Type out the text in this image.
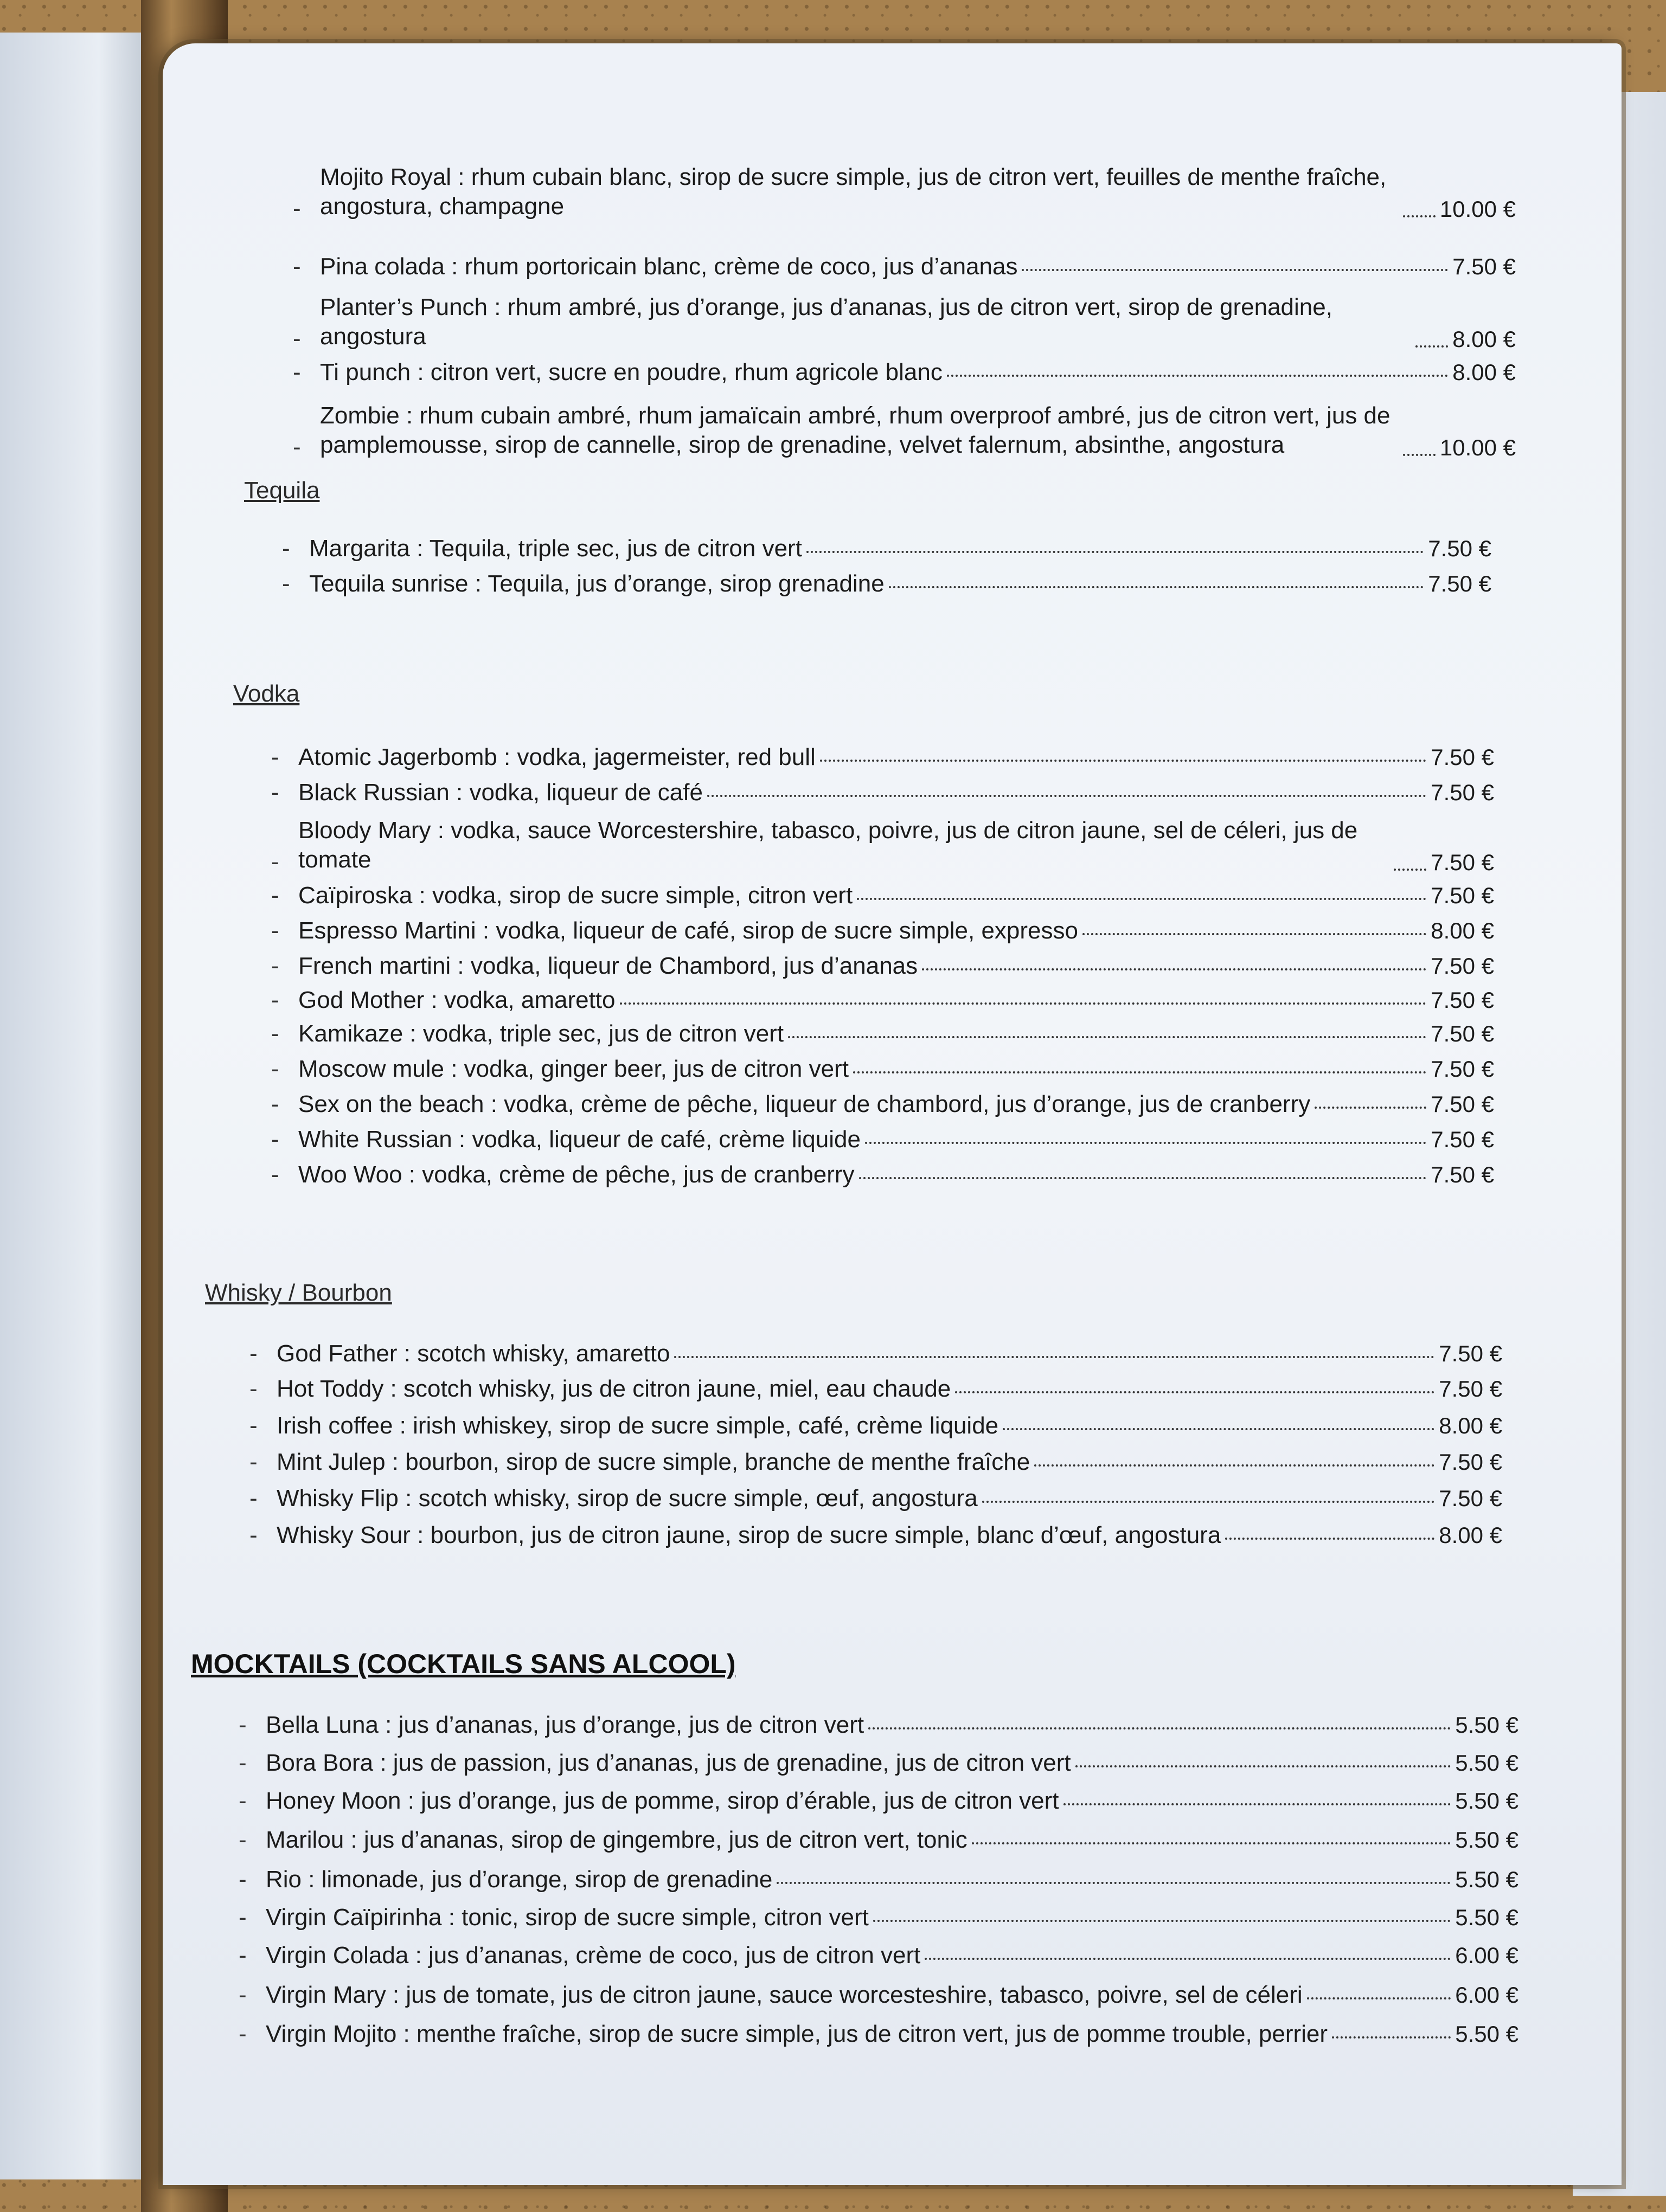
-
Mojito Royal : rhum cubain blanc, sirop de sucre simple, jus de citron vert, feuilles de menthe fraîche, angostura, champagne	10.00 €
- Pina colada : rhum portoricain blanc, crème de coco, jus d’ananas	7.50 €
-
Planter’s Punch : rhum ambré, jus d’orange, jus d’ananas, jus de citron vert, sirop de grenadine, angostura	8.00 €
- Ti punch : citron vert, sucre en poudre, rhum agricole blanc	8.00 €
-
Zombie : rhum cubain ambré, rhum jamaïcain ambré, rhum overproof ambré, jus de citron vert, jus de pamplemousse, sirop de cannelle, sirop de grenadine, velvet falernum, absinthe, angostura	10.00 €
Tequila
- Margarita : Tequila, triple sec, jus de citron vert	7.50 €
- Tequila sunrise : Tequila, jus d’orange, sirop grenadine	7.50 €
Vodka
- Atomic Jagerbomb : vodka, jagermeister, red bull	7.50 €
- Black Russian : vodka, liqueur de café	7.50 €
-
Bloody Mary : vodka, sauce Worcestershire, tabasco, poivre, jus de citron jaune, sel de céleri, jus de tomate	7.50 €
- Caïpiroska : vodka, sirop de sucre simple, citron vert	7.50 €
- Espresso Martini : vodka, liqueur de café, sirop de sucre simple, expresso	8.00 €
- French martini : vodka, liqueur de Chambord, jus d’ananas	7.50 €
- God Mother : vodka, amaretto	7.50 €
- Kamikaze : vodka, triple sec, jus de citron vert	7.50 €
- Moscow mule : vodka, ginger beer, jus de citron vert	7.50 €
- Sex on the beach : vodka, crème de pêche, liqueur de chambord, jus d’orange, jus de cranberry	7.50 €
- White Russian : vodka, liqueur de café, crème liquide	7.50 €
- Woo Woo : vodka, crème de pêche, jus de cranberry	7.50 €
Whisky / Bourbon
- God Father : scotch whisky, amaretto	7.50 €
- Hot Toddy : scotch whisky, jus de citron jaune, miel, eau chaude	7.50 €
- Irish coffee : irish whiskey, sirop de sucre simple, café, crème liquide	8.00 €
- Mint Julep : bourbon, sirop de sucre simple, branche de menthe fraîche	7.50 €
- Whisky Flip : scotch whisky, sirop de sucre simple, œuf, angostura	7.50 €
- Whisky Sour : bourbon, jus de citron jaune, sirop de sucre simple, blanc d’œuf, angostura	8.00 €
MOCKTAILS (COCKTAILS SANS ALCOOL)
- Bella Luna : jus d’ananas, jus d’orange, jus de citron vert	5.50 €
- Bora Bora : jus de passion, jus d’ananas, jus de grenadine, jus de citron vert	5.50 €
- Honey Moon : jus d’orange, jus de pomme, sirop d’érable, jus de citron vert	5.50 €
- Marilou : jus d’ananas, sirop de gingembre, jus de citron vert, tonic	5.50 €
- Rio : limonade, jus d’orange, sirop de grenadine	5.50 €
- Virgin Caïpirinha : tonic, sirop de sucre simple, citron vert	5.50 €
- Virgin Colada : jus d’ananas, crème de coco, jus de citron vert	6.00 €
- Virgin Mary : jus de tomate, jus de citron jaune, sauce worcesteshire, tabasco, poivre, sel de céleri	6.00 €
- Virgin Mojito : menthe fraîche, sirop de sucre simple, jus de citron vert, jus de pomme trouble, perrier	5.50 €
